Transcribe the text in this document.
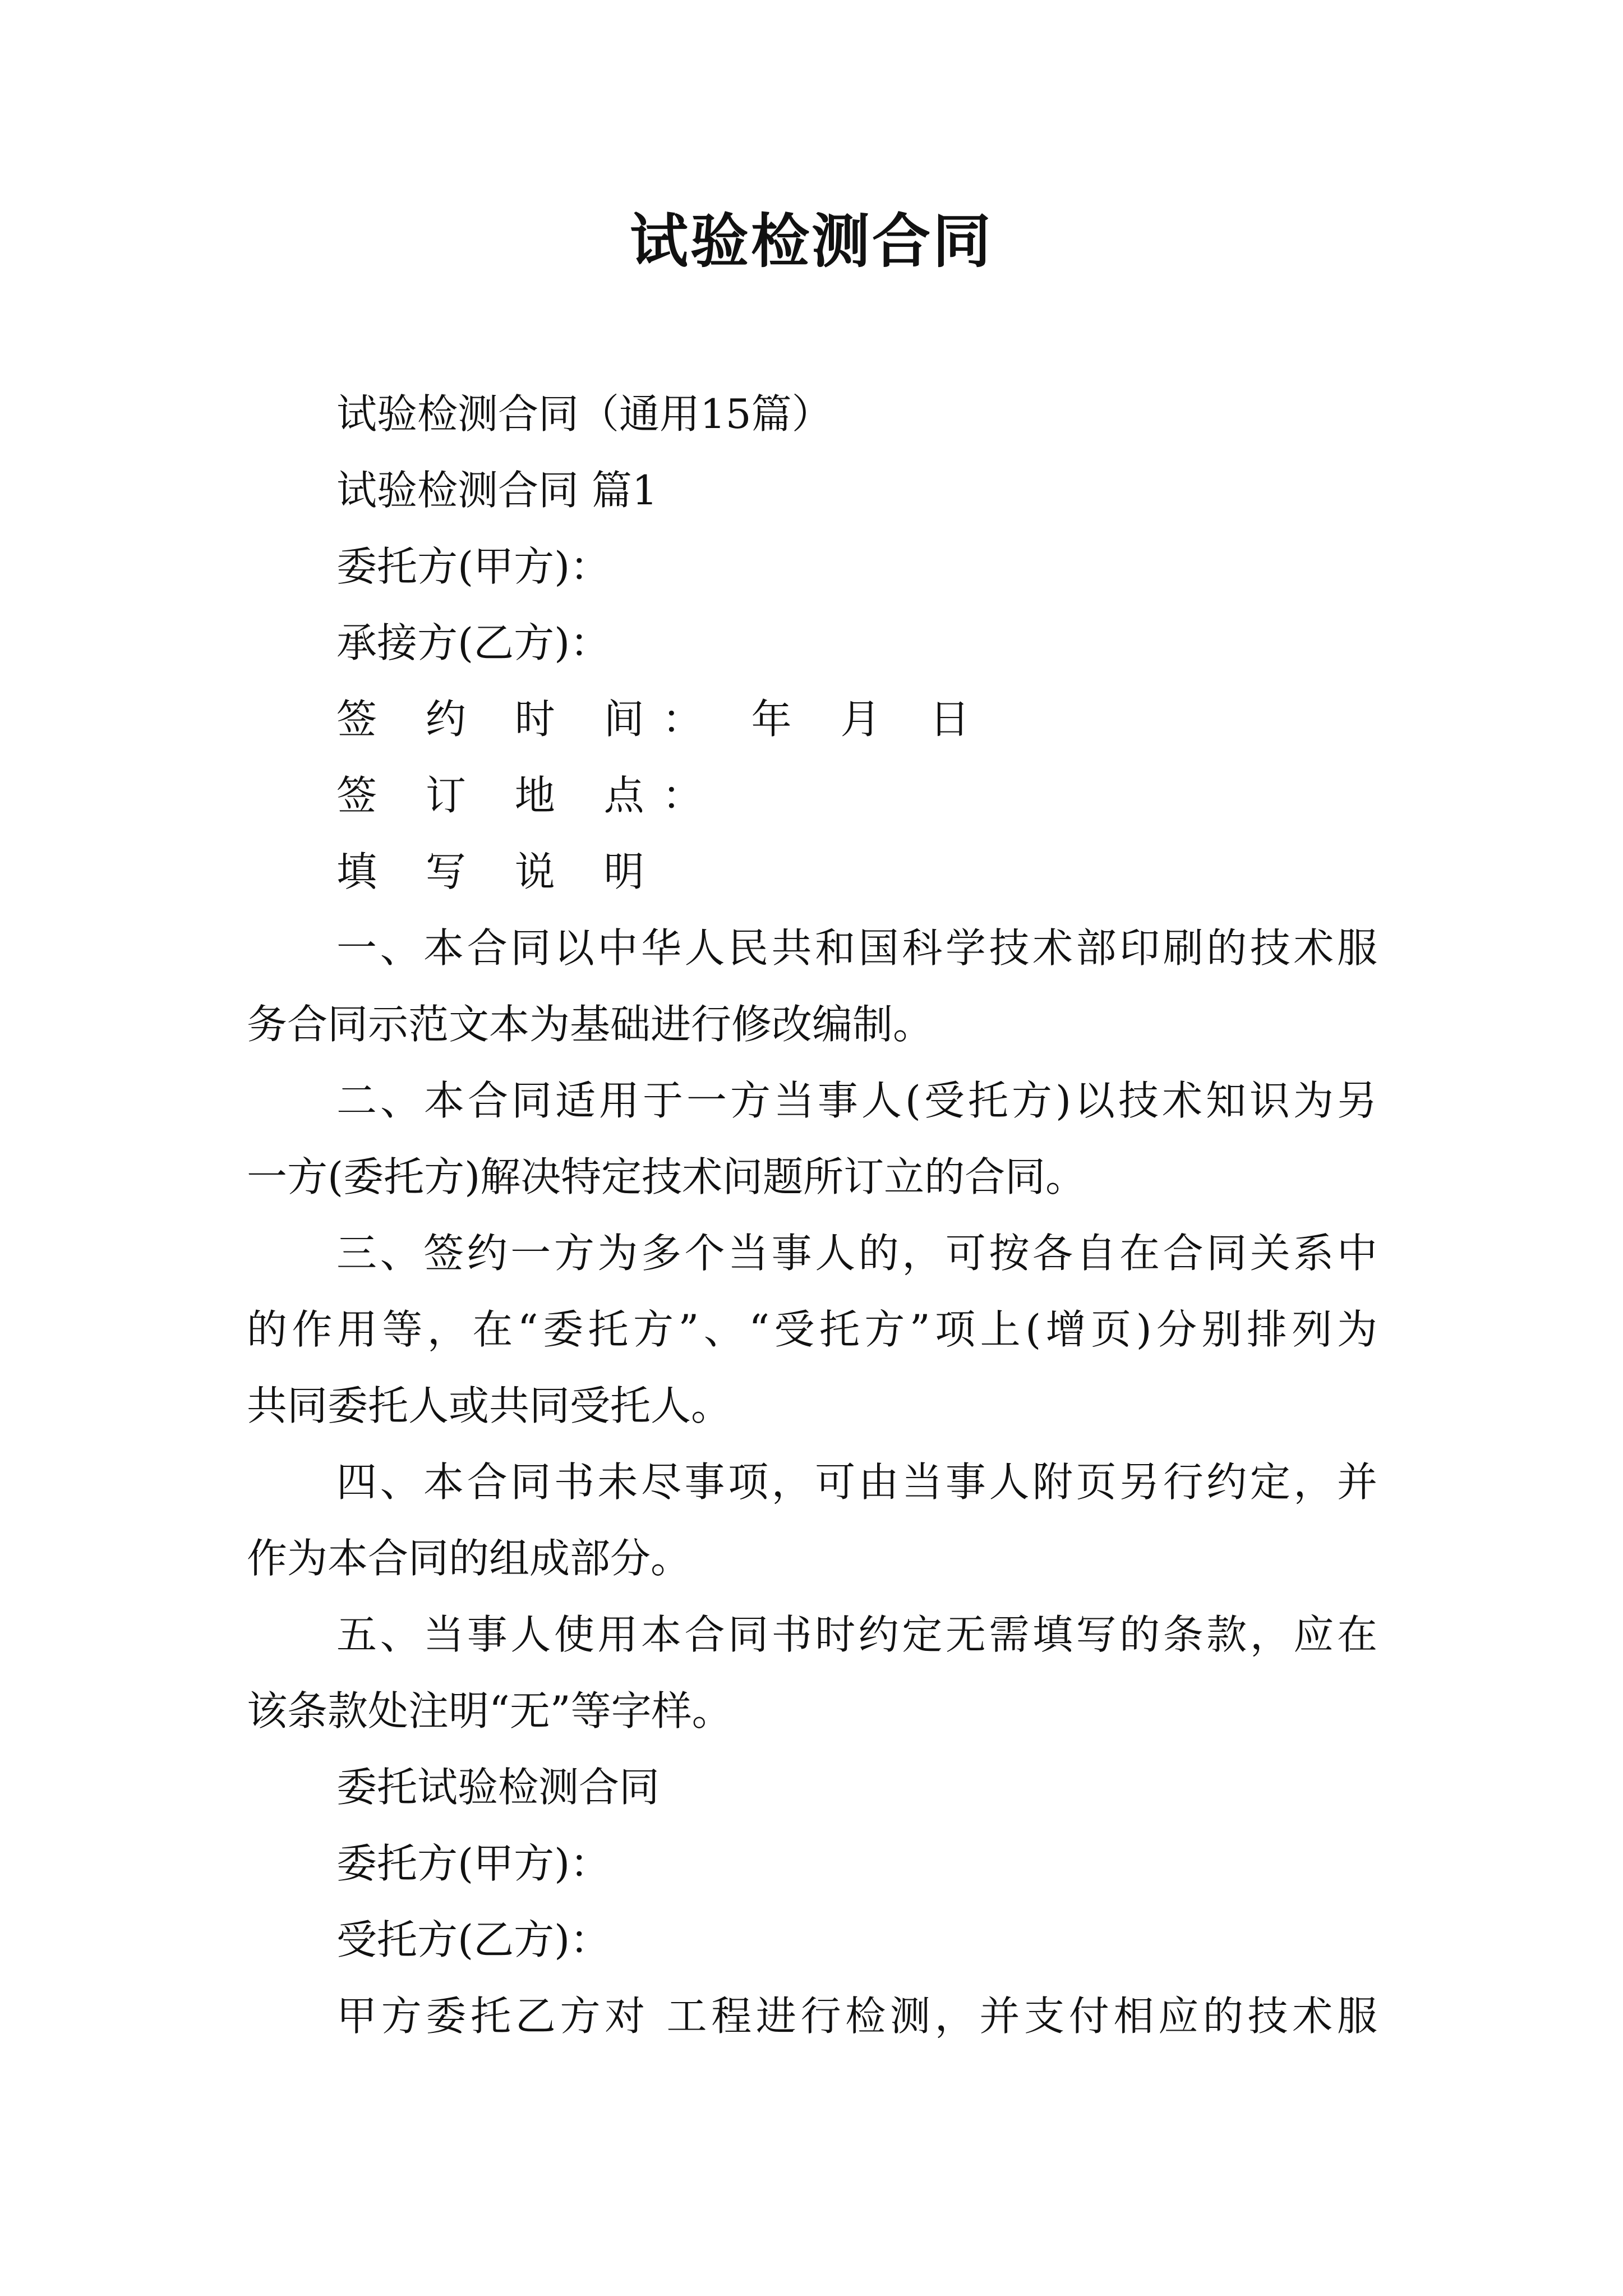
试验检测合同
试验检测合同（通用15篇）
试验检测合同 篇1
委托方(甲方)：
承接方(乙方)：
签 约 时 间： 年 月 日
签 订 地 点：
填 写 说 明
一、本合同以中华人民共和国科学技术部印刷的技术服
务合同示范文本为基础进行修改编制。
二、本合同适用于一方当事人(受托方)以技术知识为另
一方(委托方)解决特定技术问题所订立的合同。
三、签约一方为多个当事人的，可按各自在合同关系中
的作用等，在“委托方”、“受托方”项上(增页)分别排列为
共同委托人或共同受托人。
四、本合同书未尽事项，可由当事人附页另行约定，并
作为本合同的组成部分。
五、当事人使用本合同书时约定无需填写的条款，应在
该条款处注明“无”等字样。
委托试验检测合同
委托方(甲方)：
受托方(乙方)：
甲方委托乙方对 工程进行检测，并支付相应的技术服
